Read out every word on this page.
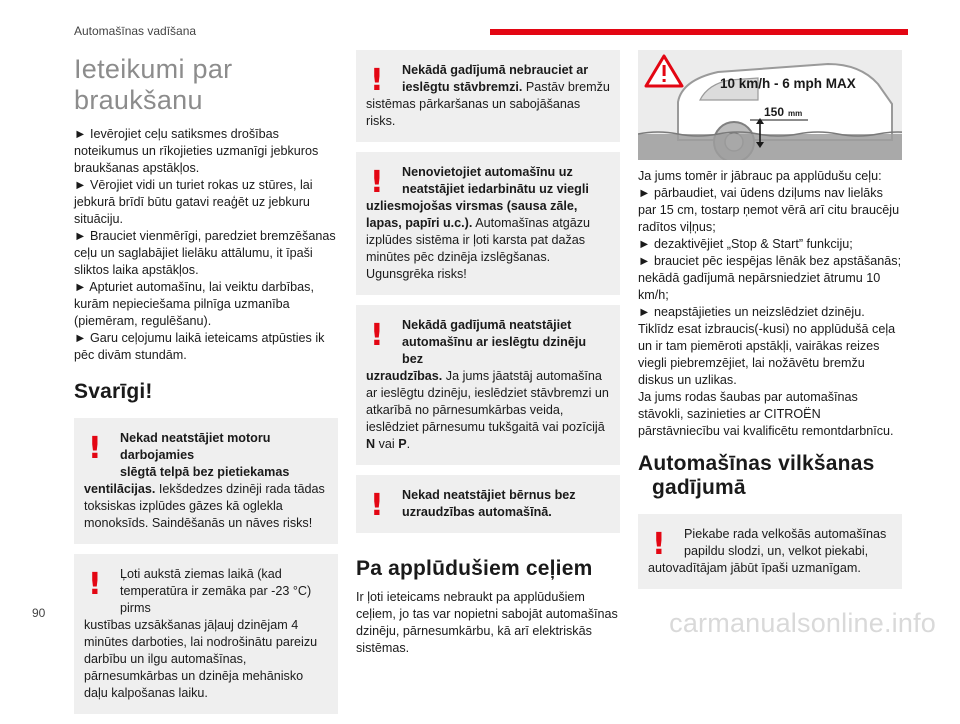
Automašīnas vadīšana
Ieteikumi par braukšanu

► Ievērojiet ceļu satiksmes drošības noteikumus un rīkojieties uzmanīgi jebkuros braukšanas apstākļos.

► Vērojiet vidi un turiet rokas uz stūres, lai jebkurā brīdī būtu gatavi reaģēt uz jebkuru situāciju.

► Brauciet vienmērīgi, paredziet bremzēšanas ceļu un saglabājiet lielāku attālumu, it īpaši sliktos laika apstākļos.

► Apturiet automašīnu, lai veiktu darbības, kurām nepieciešama pilnīga uzmanība (piemēram, regulēšanu).

► Garu ceļojumu laikā ieteicams atpūsties ik pēc divām stundām.

Svarīgi!
!	Nekad neatstājiet motoru darbojamies
slēgtā telpā bez pietiekamas
ventilācijas. Iekšdedzes dzinēji rada tādas toksiskas izplūdes gāzes kā ogleklа monoksīds. Saindēšanās un nāves risks!
!	Ļoti aukstā ziemas laikā (kad
temperatūra ir zemāka par -23 °C) pirms
kustības uzsākšanas jāļauj dzinējam 4 minūtes darboties, lai nodrošinātu pareizu darbību un ilgu automašīnas, pārnesumkārbas un dzinēja mehānisko daļu kalpošanas laiku.
!	Nekādā gadījumā nebrauciet ar
ieslēgtu stāvbremzi. Pastāv bremžu
sistēmas pārkaršanas un sabojāšanas risks.
!	Nenovietojiet automašīnu uz
neatstājiet iedarbinātu uz viegli
uzliesmojošas virsmas (sausa zāle, lapas, papīri u.c.). Automašīnas atgāzu izplūdes sistēma ir ļoti karsta pat dažas minūtes pēc dzinēja izslēgšanas. Ugunsgrēka risks!
!	Nekādā gadījumā neatstājiet
automašīnu ar ieslēgtu dzinēju bez
uzraudzības. Ja jums jāatstāj automašīna ar ieslēgtu dzinēju, ieslēdziet stāvbremzi un atkarībā no pārnesumkārbas veida, ieslēdziet pārnesumu tukšgaitā vai pozīcijā N vai P.
!	Nekad neatstājiet bērnus bez
uzraudzības automašīnā.
Pa applūdušiem ceļiem

Ir ļoti ieteicams nebraukt pa applūdušiem ceļiem, jo tas var nopietni sabojāt automašīnas dzinēju, pārnesumkārbu, kā arī elektriskās sistēmas.

10 km/h - 6 mph MAX
150 mm

Ja jums tomēr ir jābrauc pa applūdušu ceļu:

► pārbaudiet, vai ūdens dziļums nav lielāks par 15 cm, tostarp ņemot vērā arī citu braucēju radītos viļņus;

► dezaktivējiet „Stop & Start” funkciju;

► brauciet pēc iespējas lēnāk bez apstāšanās; nekādā gadījumā nepārsniedziet ātrumu 10 km/h;

► neapstājieties un neizslēdziet dzinēju.

Tiklīdz esat izbraucis(-kusi) no applūdušā ceļa un ir tam piemēroti apstākļi, vairākas reizes viegli piebremzējiet, lai nožāvētu bremžu diskus un uzlikas.

Ja jums rodas šaubas par automašīnas stāvokli, sazinieties ar CITROËN pārstāvniecību vai kvalificētu remontdarbnīcu.

Automašīnas vilkšanas
gadījumā
!	Piekabe rada velkošās automašīnas
papildu slodzi, un, velkot piekabi,
autovadītājam jābūt īpaši uzmanīgam.
90	carmanualsonline.info
